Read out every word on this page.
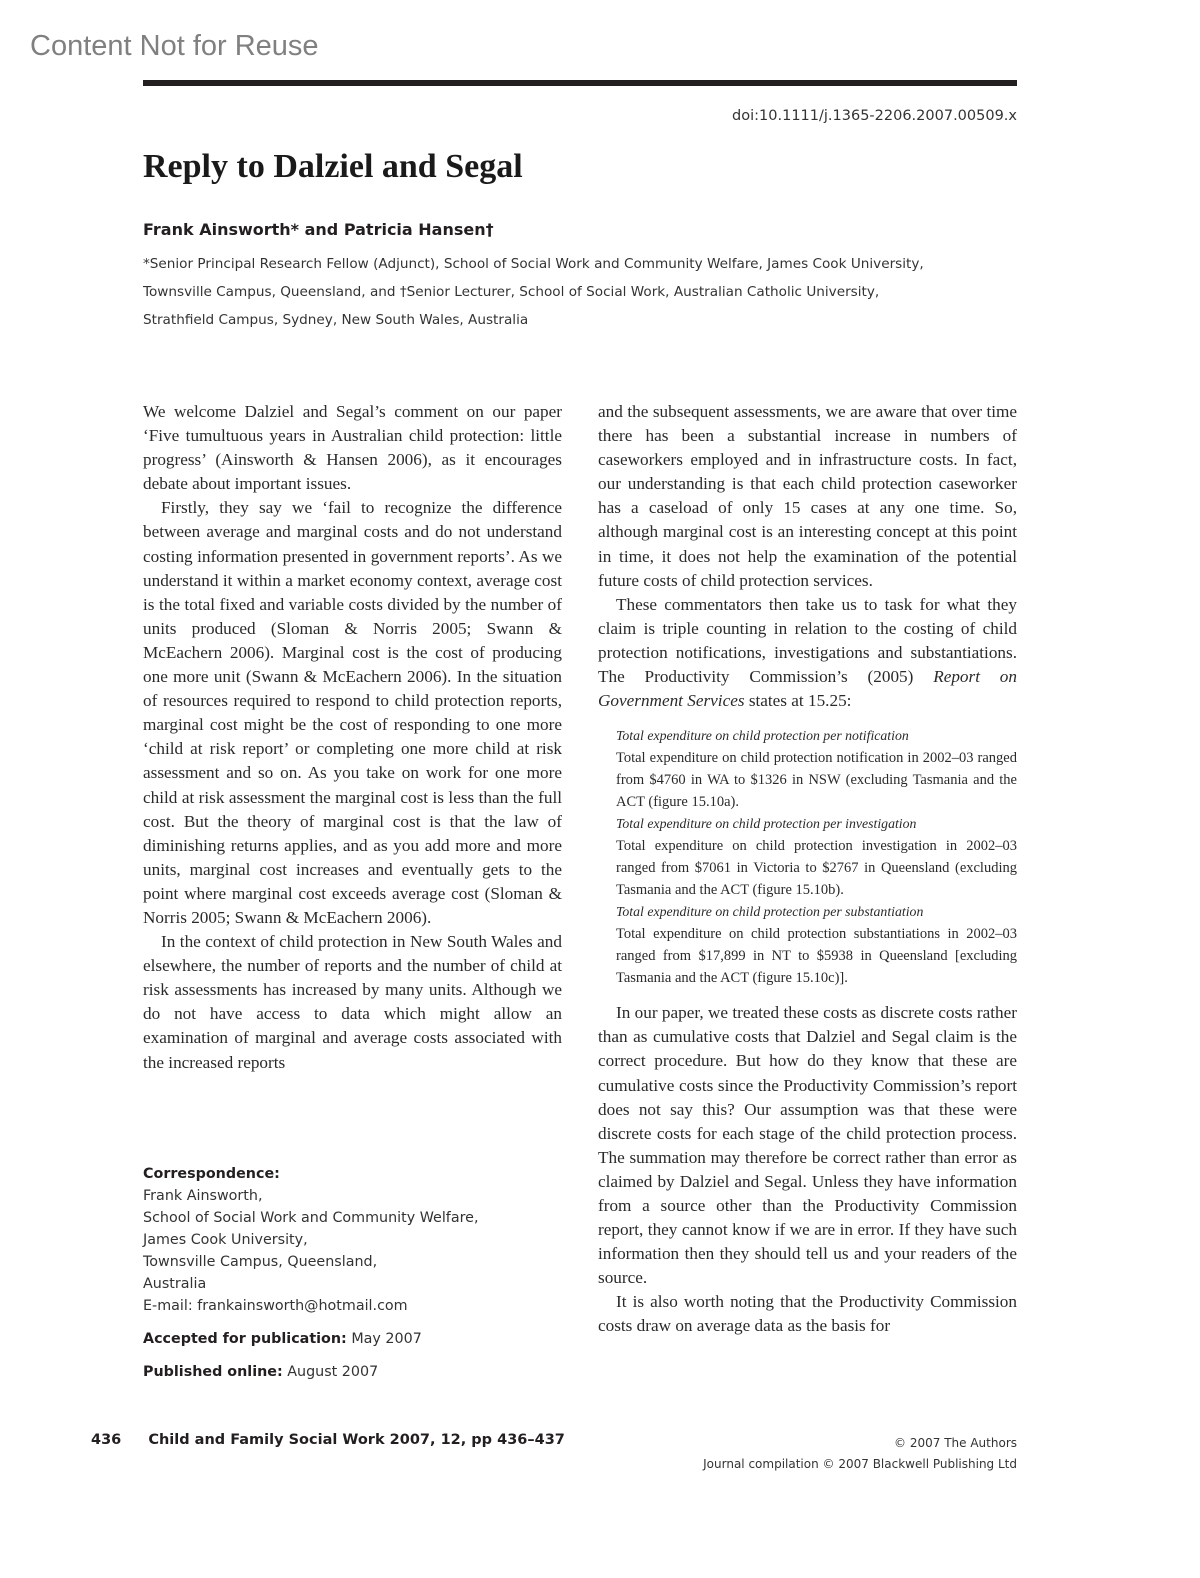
Content Not for Reuse
doi:10.1111/j.1365-2206.2007.00509.x
Reply to Dalziel and Segal
Frank Ainsworth* and Patricia Hansen†
*Senior Principal Research Fellow (Adjunct), School of Social Work and Community Welfare, James Cook University,
Townsville Campus, Queensland, and †Senior Lecturer, School of Social Work, Australian Catholic University,
Strathfield Campus, Sydney, New South Wales, Australia

We welcome Dalziel and Segal’s comment on our paper ‘Five tumultuous years in Australian child protection: little progress’ (Ainsworth & Hansen 2006), as it encourages debate about important issues.

Firstly, they say we ‘fail to recognize the difference between average and marginal costs and do not understand costing information presented in government reports’. As we understand it within a market economy context, average cost is the total fixed and variable costs divided by the number of units produced (Sloman & Norris 2005; Swann & McEachern 2006). Marginal cost is the cost of producing one more unit (Swann & McEachern 2006). In the situation of resources required to respond to child protection reports, marginal cost might be the cost of responding to one more ‘child at risk report’ or completing one more child at risk assessment and so on. As you take on work for one more child at risk assessment the marginal cost is less than the full cost. But the theory of marginal cost is that the law of diminishing returns applies, and as you add more and more units, marginal cost increases and eventually gets to the point where marginal cost exceeds average cost (Sloman & Norris 2005; Swann & McEachern 2006).

In the context of child protection in New South Wales and elsewhere, the number of reports and the number of child at risk assessments has increased by many units. Although we do not have access to data which might allow an examination of marginal and average costs associated with the increased reports

and the subsequent assessments, we are aware that over time there has been a substantial increase in numbers of caseworkers employed and in infrastructure costs. In fact, our understanding is that each child protection caseworker has a caseload of only 15 cases at any one time. So, although marginal cost is an interesting concept at this point in time, it does not help the examination of the potential future costs of child protection services.

These commentators then take us to task for what they claim is triple counting in relation to the costing of child protection notifications, investigations and substantiations. The Productivity Commission’s (2005) Report on Government Services states at 15.25:

Total expenditure on child protection per notification
Total expenditure on child protection notification in 2002–03 ranged from $4760 in WA to $1326 in NSW (excluding Tasmania and the ACT (figure 15.10a).
Total expenditure on child protection per investigation
Total expenditure on child protection investigation in 2002–03 ranged from $7061 in Victoria to $2767 in Queensland (excluding Tasmania and the ACT (figure 15.10b).
Total expenditure on child protection per substantiation
Total expenditure on child protection substantiations in 2002–03 ranged from $17,899 in NT to $5938 in Queensland [excluding Tasmania and the ACT (figure 15.10c)].

In our paper, we treated these costs as discrete costs rather than as cumulative costs that Dalziel and Segal claim is the correct procedure. But how do they know that these are cumulative costs since the Productivity Commission’s report does not say this? Our assumption was that these were discrete costs for each stage of the child protection process. The summation may therefore be correct rather than error as claimed by Dalziel and Segal. Unless they have information from a source other than the Productivity Commission report, they cannot know if we are in error. If they have such information then they should tell us and your readers of the source.

It is also worth noting that the Productivity Commission costs draw on average data as the basis for

Correspondence:
Frank Ainsworth,
School of Social Work and Community Welfare,
James Cook University,
Townsville Campus, Queensland,
Australia
E-mail: frankainsworth@hotmail.com
Accepted for publication: May 2007
Published online: August 2007
436 Child and Family Social Work 2007, 12, pp 436–437	© 2007 The Authors
Journal compilation © 2007 Blackwell Publishing Ltd
